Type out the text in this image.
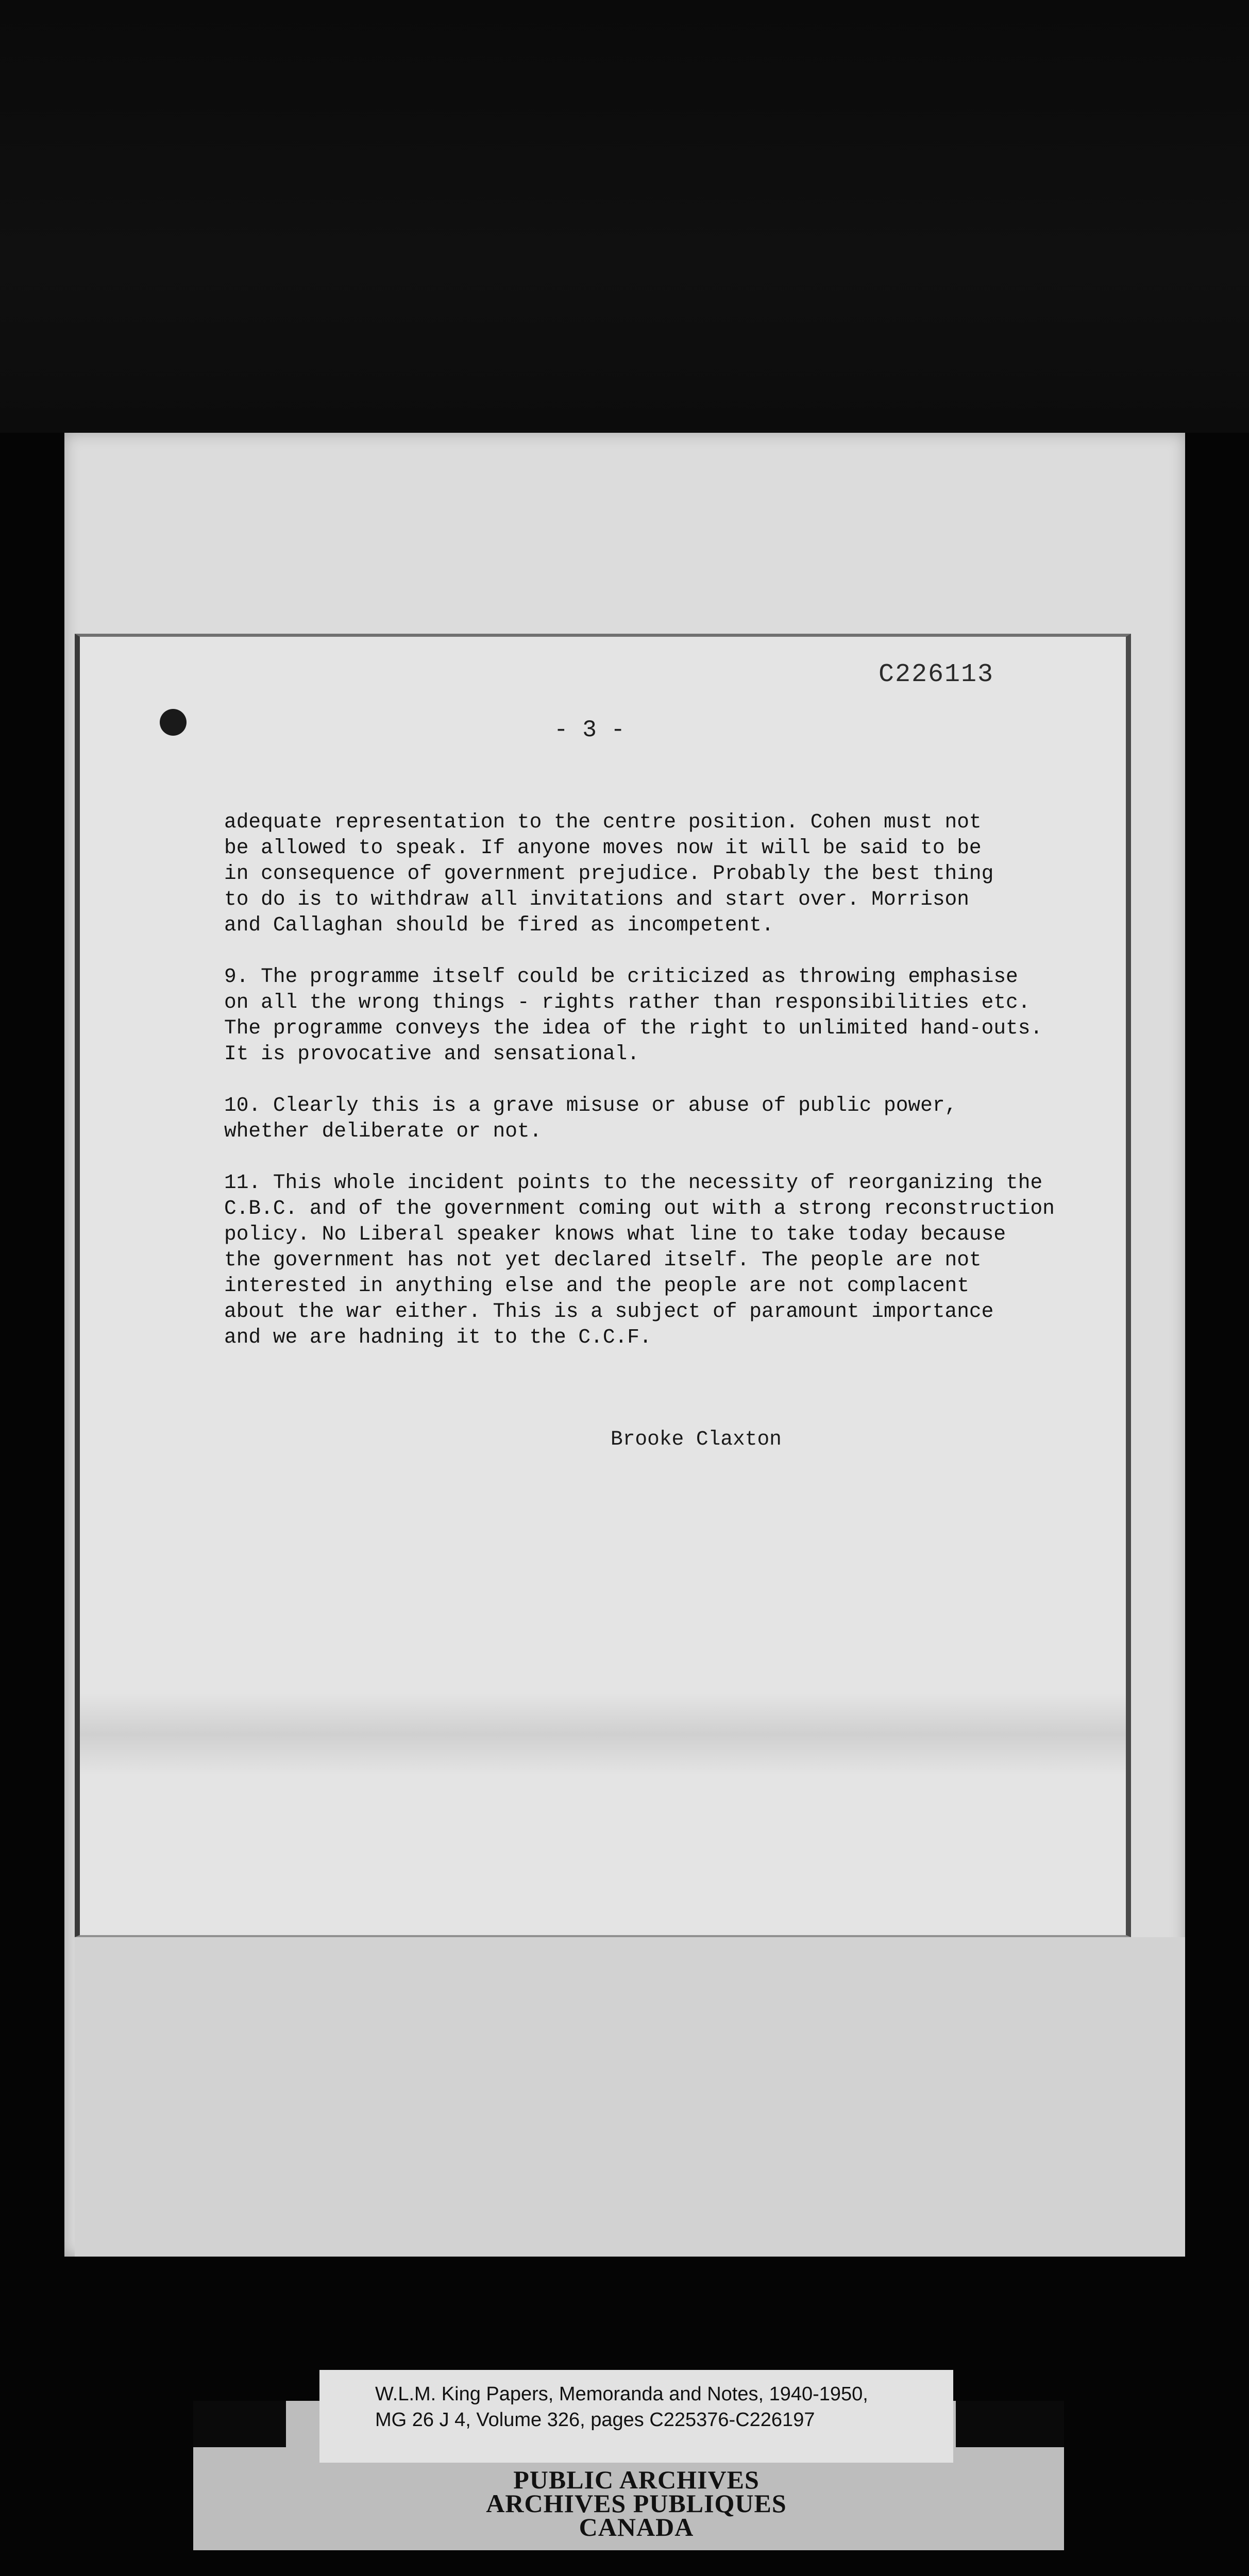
C226113
- 3 -
adequate representation to the centre position. Cohen must not
be allowed to speak. If anyone moves now it will be said to be
in consequence of government prejudice. Probably the best thing
to do is to withdraw all invitations and start over. Morrison
and Callaghan should be fired as incompetent.
9. The programme itself could be criticized as throwing emphasise
on all the wrong things - rights rather than responsibilities etc.
The programme conveys the idea of the right to unlimited hand-outs.
It is provocative and sensational.
10. Clearly this is a grave misuse or abuse of public power,
whether deliberate or not.
11. This whole incident points to the necessity of reorganizing the
C.B.C. and of the government coming out with a strong reconstruction
policy. No Liberal speaker knows what line to take today because
the government has not yet declared itself. The people are not
interested in anything else and the people are not complacent
about the war either. This is a subject of paramount importance
and we are hadning it to the C.C.F.
Brooke Claxton
W.L.M. King Papers, Memoranda and Notes, 1940-1950,
MG 26 J 4, Volume 326, pages C225376-C226197
PUBLIC ARCHIVES
ARCHIVES PUBLIQUES
CANADA
